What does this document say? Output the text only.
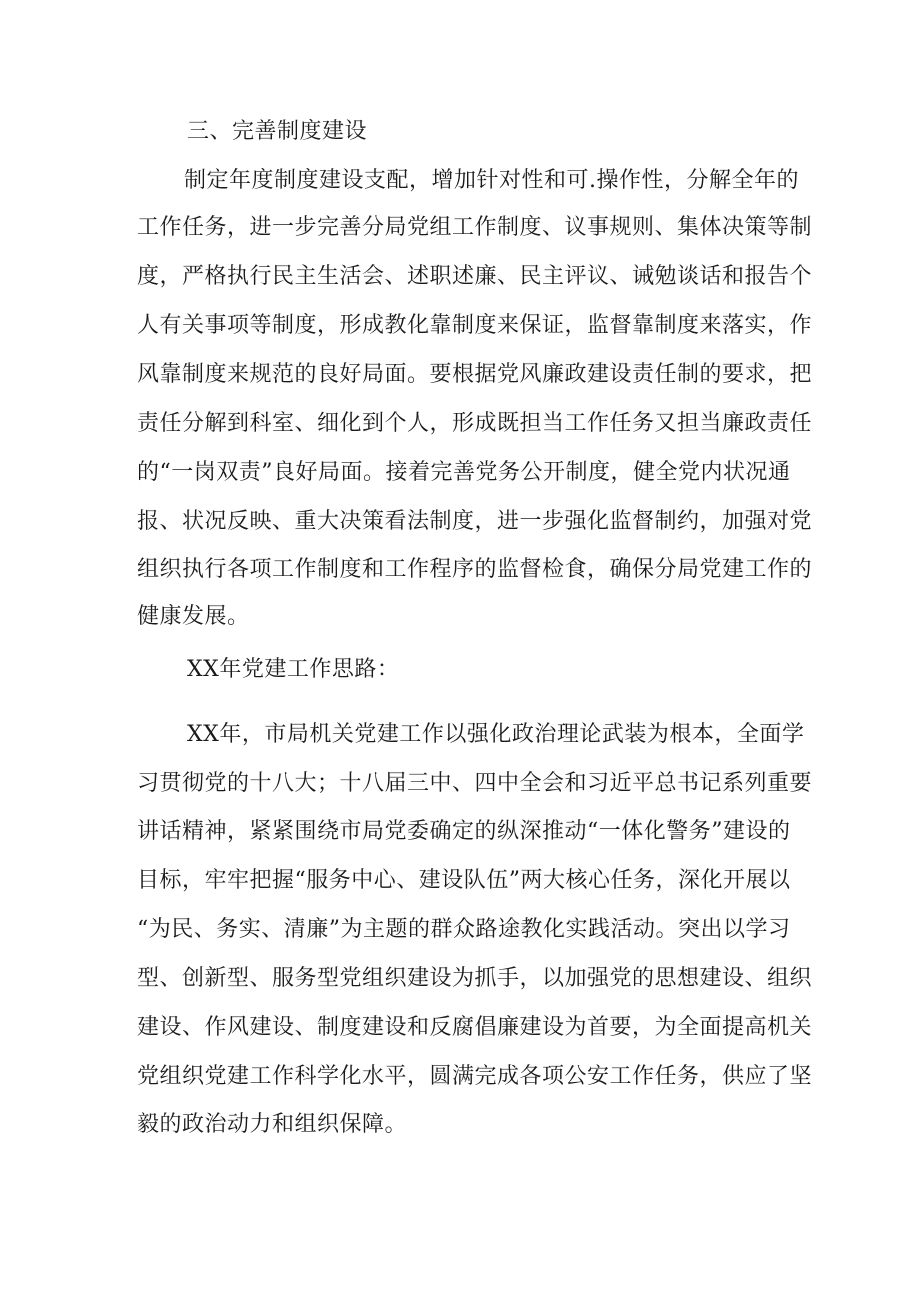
三、完善制度建设
制定年度制度建设支配，增加针对性和可.操作性，分解全年的
工作任务，进一步完善分局党组工作制度、议事规则、集体决策等制
度，严格执行民主生活会、述职述廉、民主评议、诫勉谈话和报告个
人有关事项等制度，形成教化靠制度来保证，监督靠制度来落实，作
风靠制度来规范的良好局面。要根据党风廉政建设责任制的要求，把
责任分解到科室、细化到个人，形成既担当工作任务又担当廉政责任
的“一岗双责”良好局面。接着完善党务公开制度，健全党内状况通
报、状况反映、重大决策看法制度，进一步强化监督制约，加强对党
组织执行各项工作制度和工作程序的监督检食，确保分局党建工作的
健康发展。
XX年党建工作思路：
XX年，市局机关党建工作以强化政治理论武装为根本，全面学
习贯彻党的十八大；十八届三中、四中全会和习近平总书记系列重要
讲话精神，紧紧围绕市局党委确定的纵深推动“一体化警务”建设的
目标，牢牢把握“服务中心、建设队伍”两大核心任务，深化开展以
“为民、务实、清廉”为主题的群众路途教化实践活动。突出以学习
型、创新型、服务型党组织建设为抓手，以加强党的思想建设、组织
建设、作风建设、制度建设和反腐倡廉建设为首要，为全面提高机关
党组织党建工作科学化水平，圆满完成各项公安工作任务，供应了坚
毅的政治动力和组织保障。
